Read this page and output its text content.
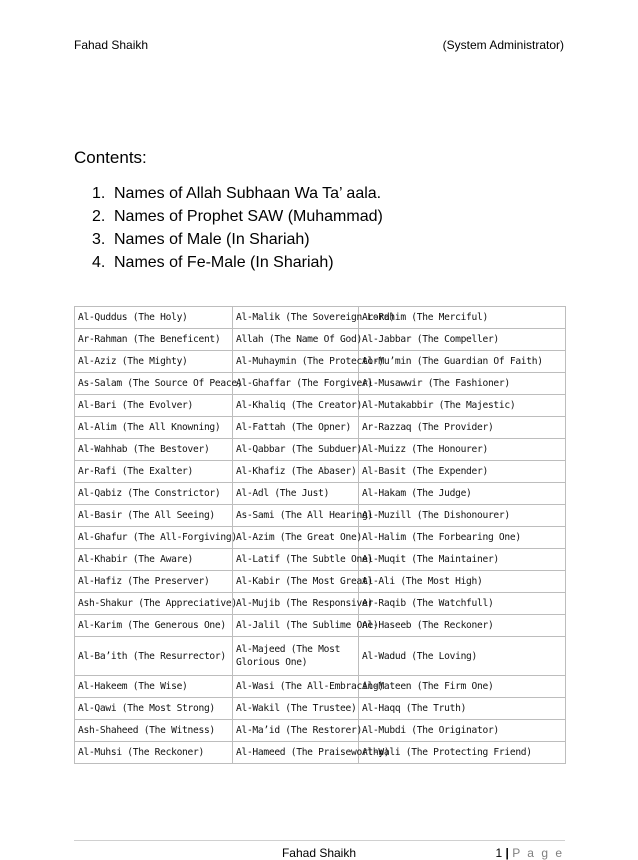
Fahad Shaikh	(System Administrator)
Contents:
1. Names of Allah Subhaan Wa Ta’ aala.
2. Names of Prophet SAW (Muhammad)
3. Names of Male (In Shariah)
4. Names of Fe-Male (In Shariah)
Al-Quddus (The Holy)	Al-Malik (The Sovereign Lord)	Ar-Rahim (The Merciful)
Ar-Rahman (The Beneficent)	Allah (The Name Of God)	Al-Jabbar (The Compeller)
Al-Aziz (The Mighty)	Al-Muhaymin (The Protector)	Al-Mu’min (The Guardian Of Faith)
As-Salam (The Source Of Peace)	Al-Ghaffar (The Forgiver)	Al-Musawwir (The Fashioner)
Al-Bari (The Evolver)	Al-Khaliq (The Creator)	Al-Mutakabbir (The Majestic)
Al-Alim (The All Knowning)	Al-Fattah (The Opner)	Ar-Razzaq (The Provider)
Al-Wahhab (The Bestover)	Al-Qabbar (The Subduer)	Al-Muizz (The Honourer)
Ar-Rafi (The Exalter)	Al-Khafiz (The Abaser)	Al-Basit (The Expender)
Al-Qabiz (The Constrictor)	Al-Adl (The Just)	Al-Hakam (The Judge)
Al-Basir (The All Seeing)	As-Sami (The All Hearing)	Al-Muzill (The Dishonourer)
Al-Ghafur (The All-Forgiving)	Al-Azim (The Great One)	Al-Halim (The Forbearing One)
Al-Khabir (The Aware)	Al-Latif (The Subtle One)	Al-Muqit (The Maintainer)
Al-Hafiz (The Preserver)	Al-Kabir (The Most Great)	Al-Ali (The Most High)
Ash-Shakur (The Appreciative)	Al-Mujib (The Responsive)	Ar-Raqib (The Watchfull)
Al-Karim (The Generous One)	Al-Jalil (The Sublime One)	Al-Haseeb (The Reckoner)
Al-Ba’ith (The Resurrector)	Al-Majeed (The Most Glorious One)	Al-Wadud (The Loving)
Al-Hakeem (The Wise)	Al-Wasi (The All-Embracing)	Al-Mateen (The Firm One)
Al-Qawi (The Most Strong)	Al-Wakil (The Trustee)	Al-Haqq (The Truth)
Ash-Shaheed (The Witness)	Al-Ma’id (The Restorer)	Al-Mubdi (The Originator)
Al-Muhsi (The Reckoner)	Al-Hameed (The Praiseworthy)	Al-Wali (The Protecting Friend)
Fahad Shaikh	1 | P a g e
